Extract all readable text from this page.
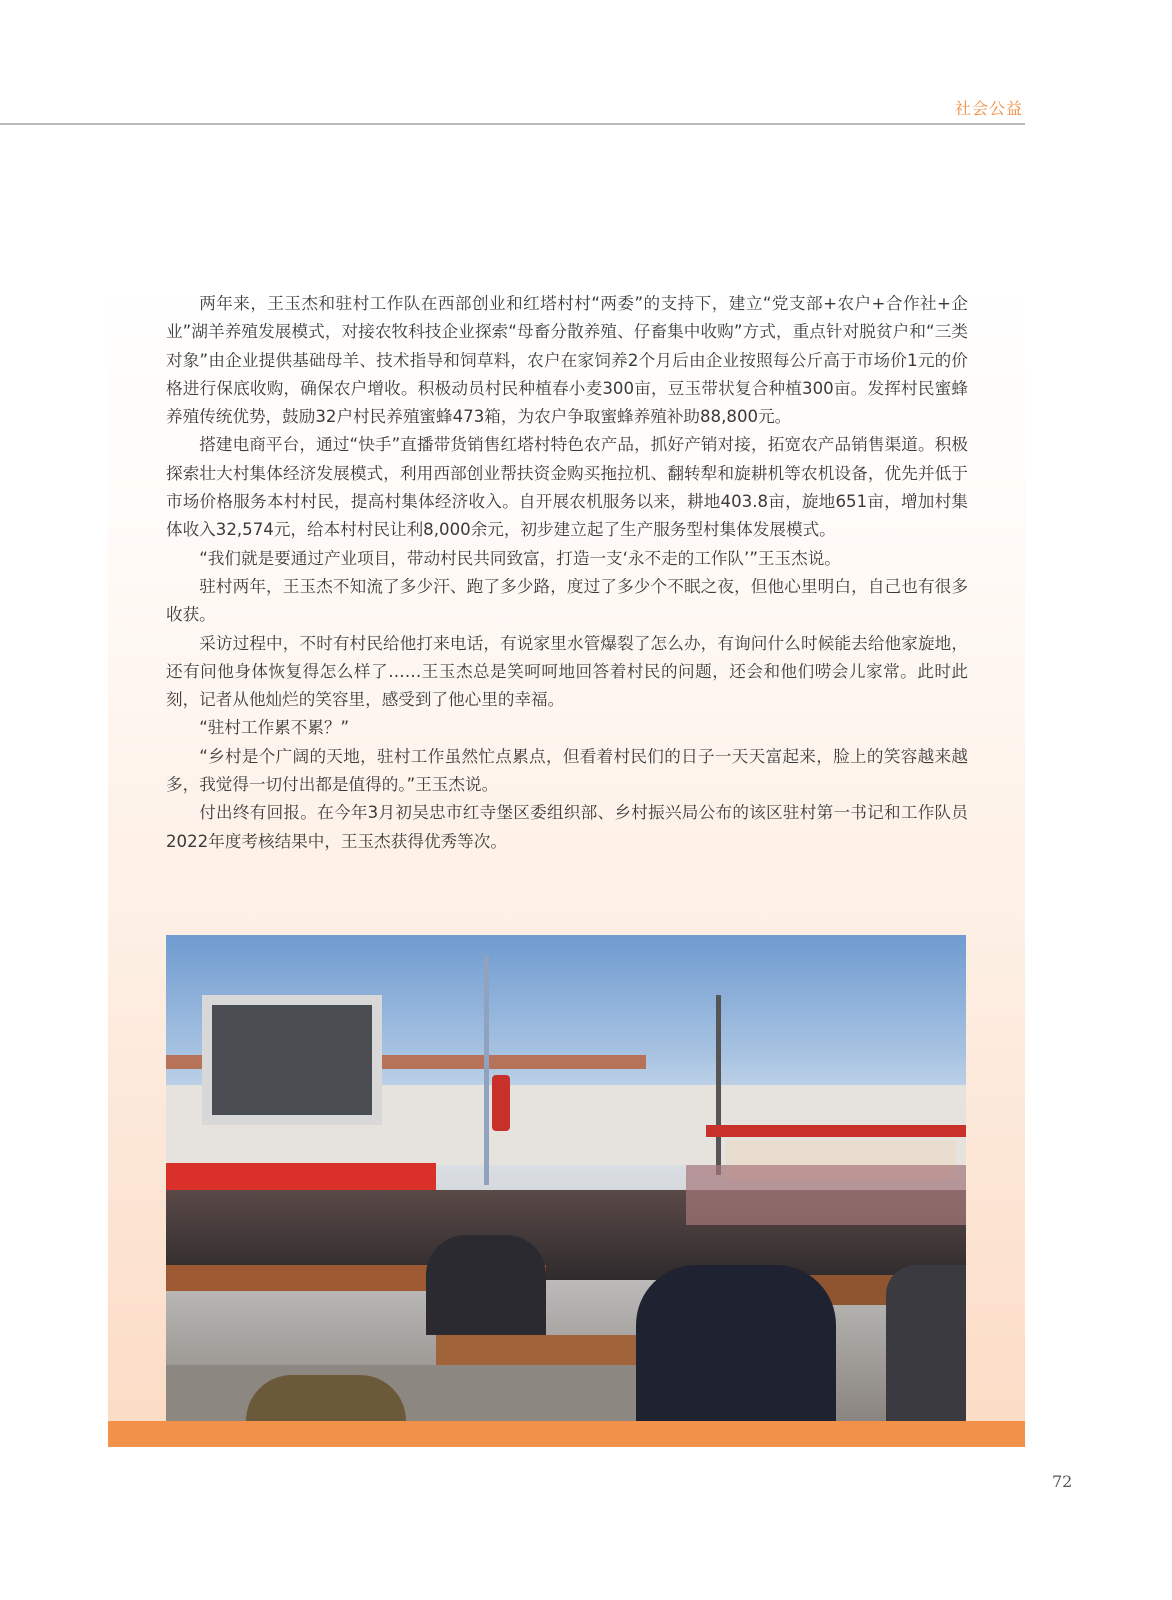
社会公益

两年来，王玉杰和驻村工作队在西部创业和红塔村村“两委”的支持下，建立“党支部+农户+合作社+企业”湖羊养殖发展模式，对接农牧科技企业探索“母畜分散养殖、仔畜集中收购”方式，重点针对脱贫户和“三类对象”由企业提供基础母羊、技术指导和饲草料，农户在家饲养2个月后由企业按照每公斤高于市场价1元的价格进行保底收购，确保农户增收。积极动员村民种植春小麦300亩，豆玉带状复合种植300亩。发挥村民蜜蜂养殖传统优势，鼓励32户村民养殖蜜蜂473箱，为农户争取蜜蜂养殖补助88,800元。

搭建电商平台，通过“快手”直播带货销售红塔村特色农产品，抓好产销对接，拓宽农产品销售渠道。积极探索壮大村集体经济发展模式，利用西部创业帮扶资金购买拖拉机、翻转犁和旋耕机等农机设备，优先并低于市场价格服务本村村民，提高村集体经济收入。自开展农机服务以来，耕地403.8亩，旋地651亩，增加村集体收入32,574元，给本村村民让利8,000余元，初步建立起了生产服务型村集体发展模式。

“我们就是要通过产业项目，带动村民共同致富，打造一支‘永不走的工作队’”王玉杰说。

驻村两年，王玉杰不知流了多少汗、跑了多少路，度过了多少个不眠之夜，但他心里明白，自己也有很多收获。

采访过程中，不时有村民给他打来电话，有说家里水管爆裂了怎么办，有询问什么时候能去给他家旋地，还有问他身体恢复得怎么样了……王玉杰总是笑呵呵地回答着村民的问题，还会和他们唠会儿家常。此时此刻，记者从他灿烂的笑容里，感受到了他心里的幸福。

“驻村工作累不累？”

“乡村是个广阔的天地，驻村工作虽然忙点累点，但看着村民们的日子一天天富起来，脸上的笑容越来越多，我觉得一切付出都是值得的。”王玉杰说。

付出终有回报。在今年3月初吴忠市红寺堡区委组织部、乡村振兴局公布的该区驻村第一书记和工作队员2022年度考核结果中，王玉杰获得优秀等次。

72
